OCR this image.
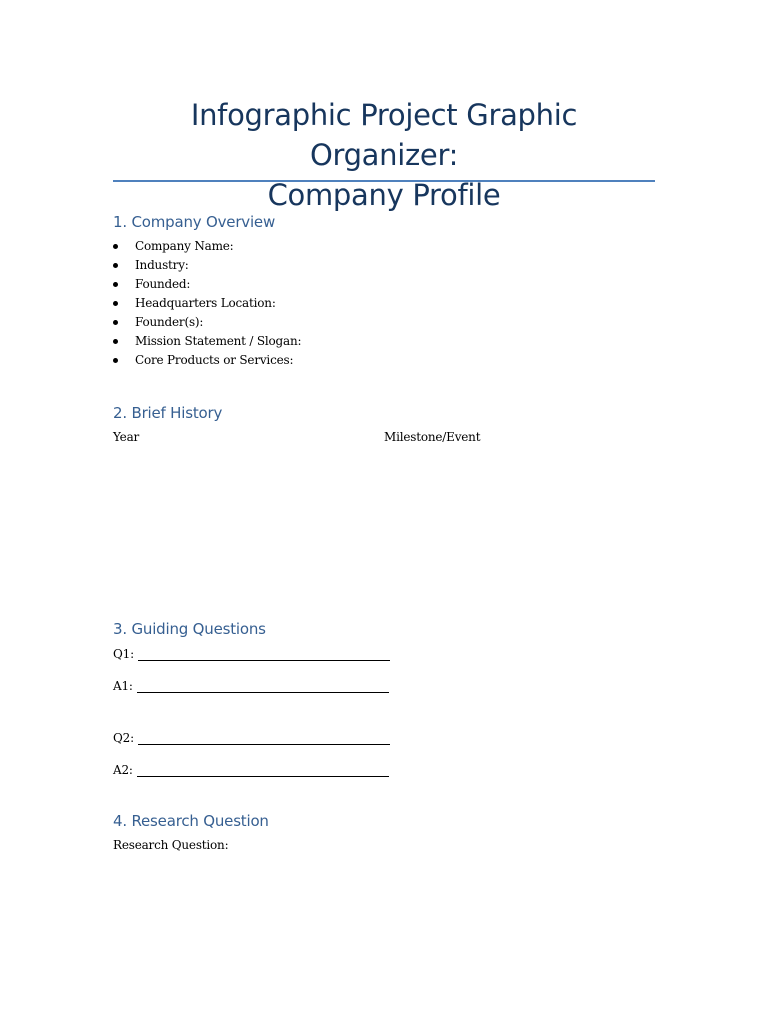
Infographic Project Graphic Organizer:
Company Profile
1. Company Overview
Company Name:
Industry:
Founded:
Headquarters Location:
Founder(s):
Mission Statement / Slogan:
Core Products or Services:
2. Brief History
Year	Milestone/Event
3. Guiding Questions
Q1:
A1:
Q2:
A2:
4. Research Question
Research Question:
